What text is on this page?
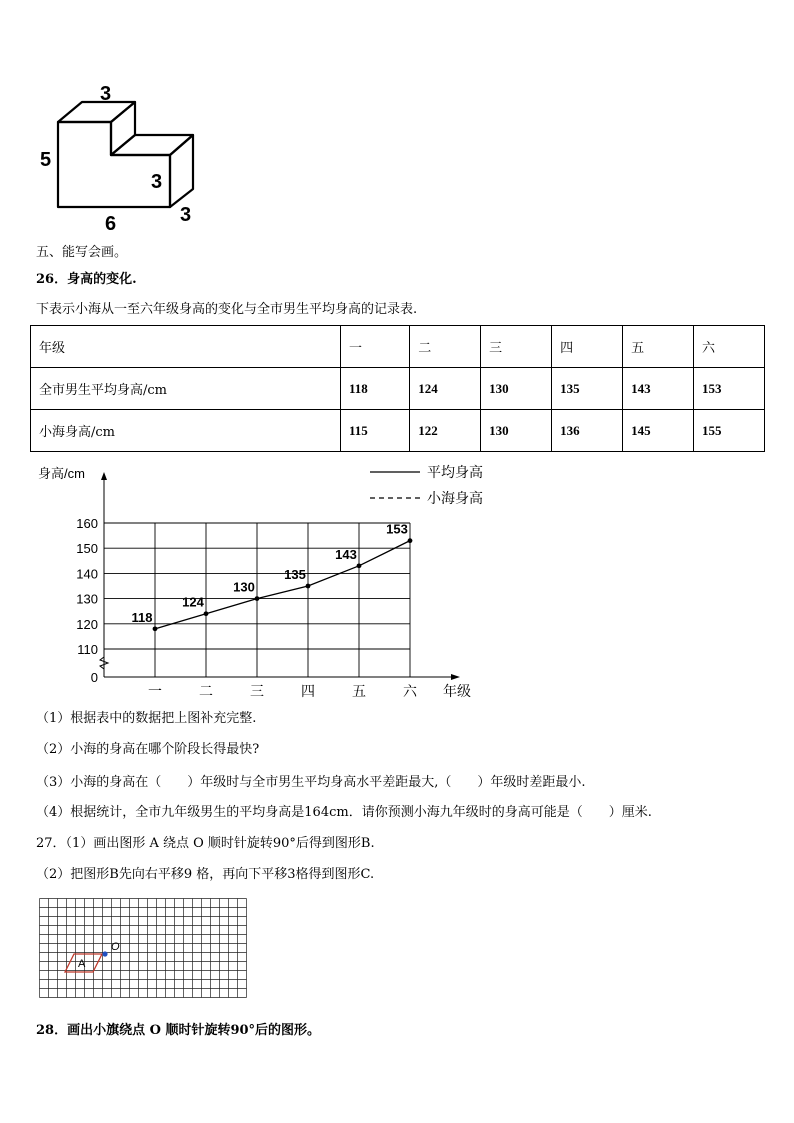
3
5
3
6	3
五、能写会画。
26．身高的变化.
下表示小海从一至六年级身高的变化与全市男生平均身高的记录表.
年级	一	二	三	四	五	六
全市男生平均身高/cm	118	124	130	135	143	153
小海身高/cm	115	122	130	136	145	155
身高/cm
160
150
140
130
120
110
0
一	二	三	四	五	六 年级
118
124
130
135
143
153
平均身高
小海身高
（1）根据表中的数据把上图补充完整.
（2）小海的身高在哪个阶段长得最快?
（3）小海的身高在（　　）年级时与全市男生平均身高水平差距最大,（　　）年级时差距最小.
（4）根据统计，全市九年级男生的平均身高是164cm．请你预测小海九年级时的身高可能是（　　）厘米.
27．（1）画出图形 A 绕点 O 顺时针旋转90°后得到图形B.
（2）把图形B先向右平移9 格，再向下平移3格得到图形C.
A
O
28．画出小旗绕点 O 顺时针旋转90°后的图形。
